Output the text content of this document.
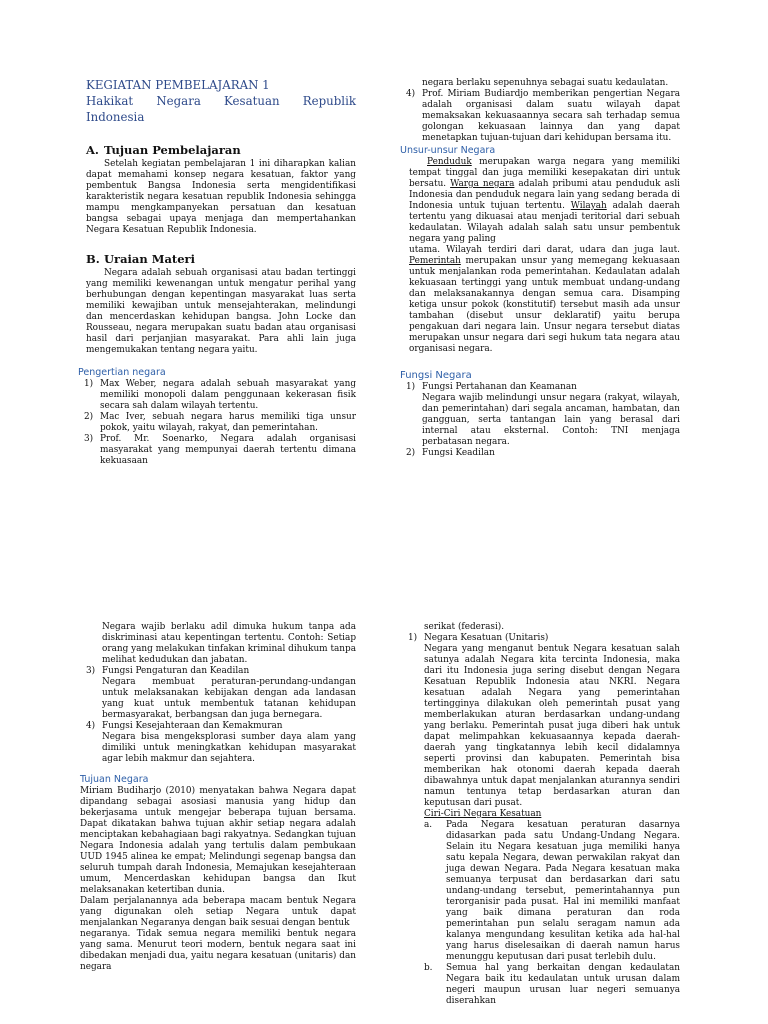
KEGIATAN PEMBELAJARAN 1

Hakikat Negara Kesatuan Republik Indonesia

A. Tujuan Pembelajaran

Setelah kegiatan pembelajaran 1 ini diharapkan kalian dapat memahami konsep negara kesatuan, faktor yang pembentuk Bangsa Indonesia serta mengidentifikasi karakteristik negara kesatuan republik Indonesia sehingga mampu mengkampanyekan persatuan dan kesatuan bangsa sebagai upaya menjaga dan mempertahankan Negara Kesatuan Republik Indonesia.

B. Uraian Materi

Negara adalah sebuah organisasi atau badan tertinggi yang memiliki kewenangan untuk mengatur perihal yang berhubungan dengan kepentingan masyarakat luas serta memiliki kewajiban untuk mensejahterakan, melindungi dan mencerdaskan kehidupan bangsa. John Locke dan Rousseau, negara merupakan suatu badan atau organisasi hasil dari perjanjian masyarakat. Para ahli lain juga mengemukakan tentang negara yaitu.

Pengertian negara

1) Max Weber, negara adalah sebuah masyarakat yang memiliki monopoli dalam penggunaan kekerasan fisik secara sah dalam wilayah tertentu.
2) Mac Iver, sebuah negara harus memiliki tiga unsur pokok, yaitu wilayah, rakyat, dan pemerintahan.
3) Prof. Mr. Soenarko, Negara adalah organisasi masyarakat yang mempunyai daerah tertentu dimana kekuasaan

negara berlaku sepenuhnya sebagai suatu kedaulatan.

4) Prof. Miriam Budiardjo memberikan pengertian Negara adalah organisasi dalam suatu wilayah dapat memaksakan kekuasaannya secara sah terhadap semua golongan kekuasaan lainnya dan yang dapat menetapkan tujuan-tujuan dari kehidupan bersama itu.

Unsur-unsur Negara

Penduduk merupakan warga negara yang memiliki tempat tinggal dan juga memiliki kesepakatan diri untuk bersatu. Warga negara adalah pribumi atau penduduk asli Indonesia dan penduduk negara lain yang sedang berada di Indonesia untuk tujuan tertentu. Wilayah adalah daerah tertentu yang dikuasai atau menjadi teritorial dari sebuah kedaulatan. Wilayah adalah salah satu unsur pembentuk negara yang paling

utama. Wilayah terdiri dari darat, udara dan juga laut. Pemerintah merupakan unsur yang memegang kekuasaan untuk menjalankan roda pemerintahan. Kedaulatan adalah kekuasaan tertinggi yang untuk membuat undang-undang dan melaksanakannya dengan semua cara. Disamping ketiga unsur pokok (konstitutif) tersebut masih ada unsur tambahan (disebut unsur deklaratif) yaitu berupa pengakuan dari negara lain. Unsur negara tersebut diatas merupakan unsur negara dari segi hukum tata negara atau organisasi negara.

Fungsi Negara

1) Fungsi Pertahanan dan Keamanan
Negara wajib melindungi unsur negara (rakyat, wilayah, dan pemerintahan) dari segala ancaman, hambatan, dan gangguan, serta tantangan lain yang berasal dari internal atau eksternal. Contoh: TNI menjaga perbatasan negara.
2) Fungsi Keadilan

Negara wajib berlaku adil dimuka hukum tanpa ada diskriminasi atau kepentingan tertentu. Contoh: Setiap orang yang melakukan tinfakan kriminal dihukum tanpa melihat kedudukan dan jabatan.

3) Fungsi Pengaturan dan Keadilan
Negara membuat peraturan-perundang-undangan untuk melaksanakan kebijakan dengan ada landasan yang kuat untuk membentuk tatanan kehidupan bermasyarakat, berbangsan dan juga bernegara.
4) Fungsi Kesejahteraan dan Kemakmuran
Negara bisa mengeksplorasi sumber daya alam yang dimiliki untuk meningkatkan kehidupan masyarakat agar lebih makmur dan sejahtera.

Tujuan Negara

Miriam Budiharjo (2010) menyatakan bahwa Negara dapat dipandang sebagai asosiasi manusia yang hidup dan bekerjasama untuk mengejar beberapa tujuan bersama. Dapat dikatakan bahwa tujuan akhir setiap negara adalah menciptakan kebahagiaan bagi rakyatnya. Sedangkan tujuan Negara Indonesia adalah yang tertulis dalam pembukaan UUD 1945 alinea ke empat; Melindungi segenap bangsa dan seluruh tumpah darah Indonesia, Memajukan kesejahteraan umum, Mencerdaskan kehidupan bangsa dan Ikut melaksanakan ketertiban dunia.

Dalam perjalanannya ada beberapa macam bentuk Negara yang digunakan oleh setiap Negara untuk dapat menjalankan Negaranya dengan baik sesuai dengan bentuk

negaranya. Tidak semua negara memiliki bentuk negara yang sama. Menurut teori modern, bentuk negara saat ini dibedakan menjadi dua, yaitu negara kesatuan (unitaris) dan negara

serikat (federasi).

1) Negara Kesatuan (Unitaris)
Negara yang menganut bentuk Negara kesatuan salah satunya adalah Negara kita tercinta Indonesia, maka dari itu Indonesia juga sering disebut dengan Negara Kesatuan Republik Indonesia atau NKRI. Negara kesatuan adalah Negara yang pemerintahan tertingginya dilakukan oleh pemerintah pusat yang memberlakukan aturan berdasarkan undang-undang yang berlaku. Pemerintah pusat juga diberi hak untuk dapat melimpahkan kekuasaannya kepada daerah-daerah yang tingkatannya lebih kecil didalamnya seperti provinsi dan kabupaten. Pemerintah bisa memberikan hak otonomi daerah kepada daerah dibawahnya untuk dapat menjalankan aturannya sendiri namun tentunya tetap berdasarkan aturan dan keputusan dari pusat.

Ciri-Ciri Negara Kesatuan

a. Pada Negara kesatuan peraturan dasarnya didasarkan pada satu Undang-Undang Negara. Selain itu Negara kesatuan juga memiliki hanya satu kepala Negara, dewan perwakilan rakyat dan juga dewan Negara. Pada Negara kesatuan maka semuanya terpusat dan berdasarkan dari satu undang-undang tersebut, pemerintahannya pun terorganisir pada pusat. Hal ini memiliki manfaat yang baik dimana peraturan dan roda pemerintahan pun selalu seragam namun ada kalanya mengundang kesulitan ketika ada hal-hal yang harus diselesaikan di daerah namun harus menunggu keputusan dari pusat terlebih dulu.
b. Semua hal yang berkaitan dengan kedaulatan Negara baik itu kedaulatan untuk urusan dalam negeri maupun urusan luar negeri semuanya diserahkan
